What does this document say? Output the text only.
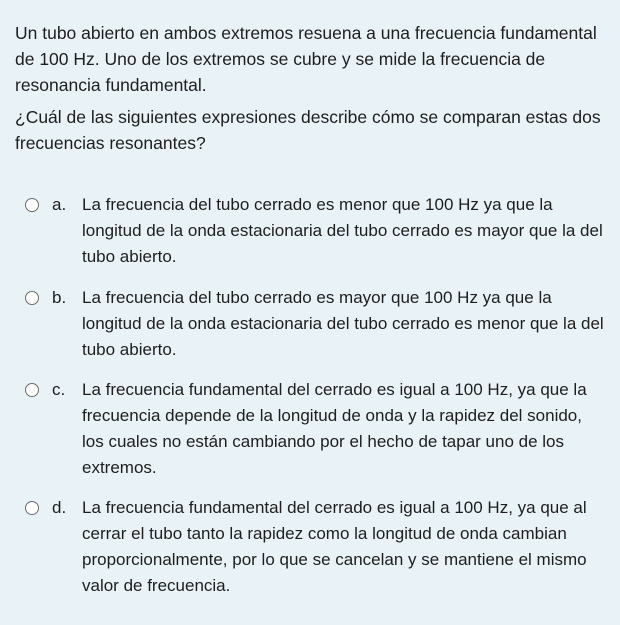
Un tubo abierto en ambos extremos resuena a una frecuencia fundamental de 100 Hz. Uno de los extremos se cubre y se mide la frecuencia de resonancia fundamental.

¿Cuál de las siguientes expresiones describe cómo se comparan estas dos frecuencias resonantes?

a. La frecuencia del tubo cerrado es menor que 100 Hz ya que la longitud de la onda estacionaria del tubo cerrado es mayor que la del tubo abierto.
b. La frecuencia del tubo cerrado es mayor que 100 Hz ya que la longitud de la onda estacionaria del tubo cerrado es menor que la del tubo abierto.
c. La frecuencia fundamental del cerrado es igual a 100 Hz, ya que la frecuencia depende de la longitud de onda y la rapidez del sonido, los cuales no están cambiando por el hecho de tapar uno de los extremos.
d. La frecuencia fundamental del cerrado es igual a 100 Hz, ya que al cerrar el tubo tanto la rapidez como la longitud de onda cambian proporcionalmente, por lo que se cancelan y se mantiene el mismo valor de frecuencia.
